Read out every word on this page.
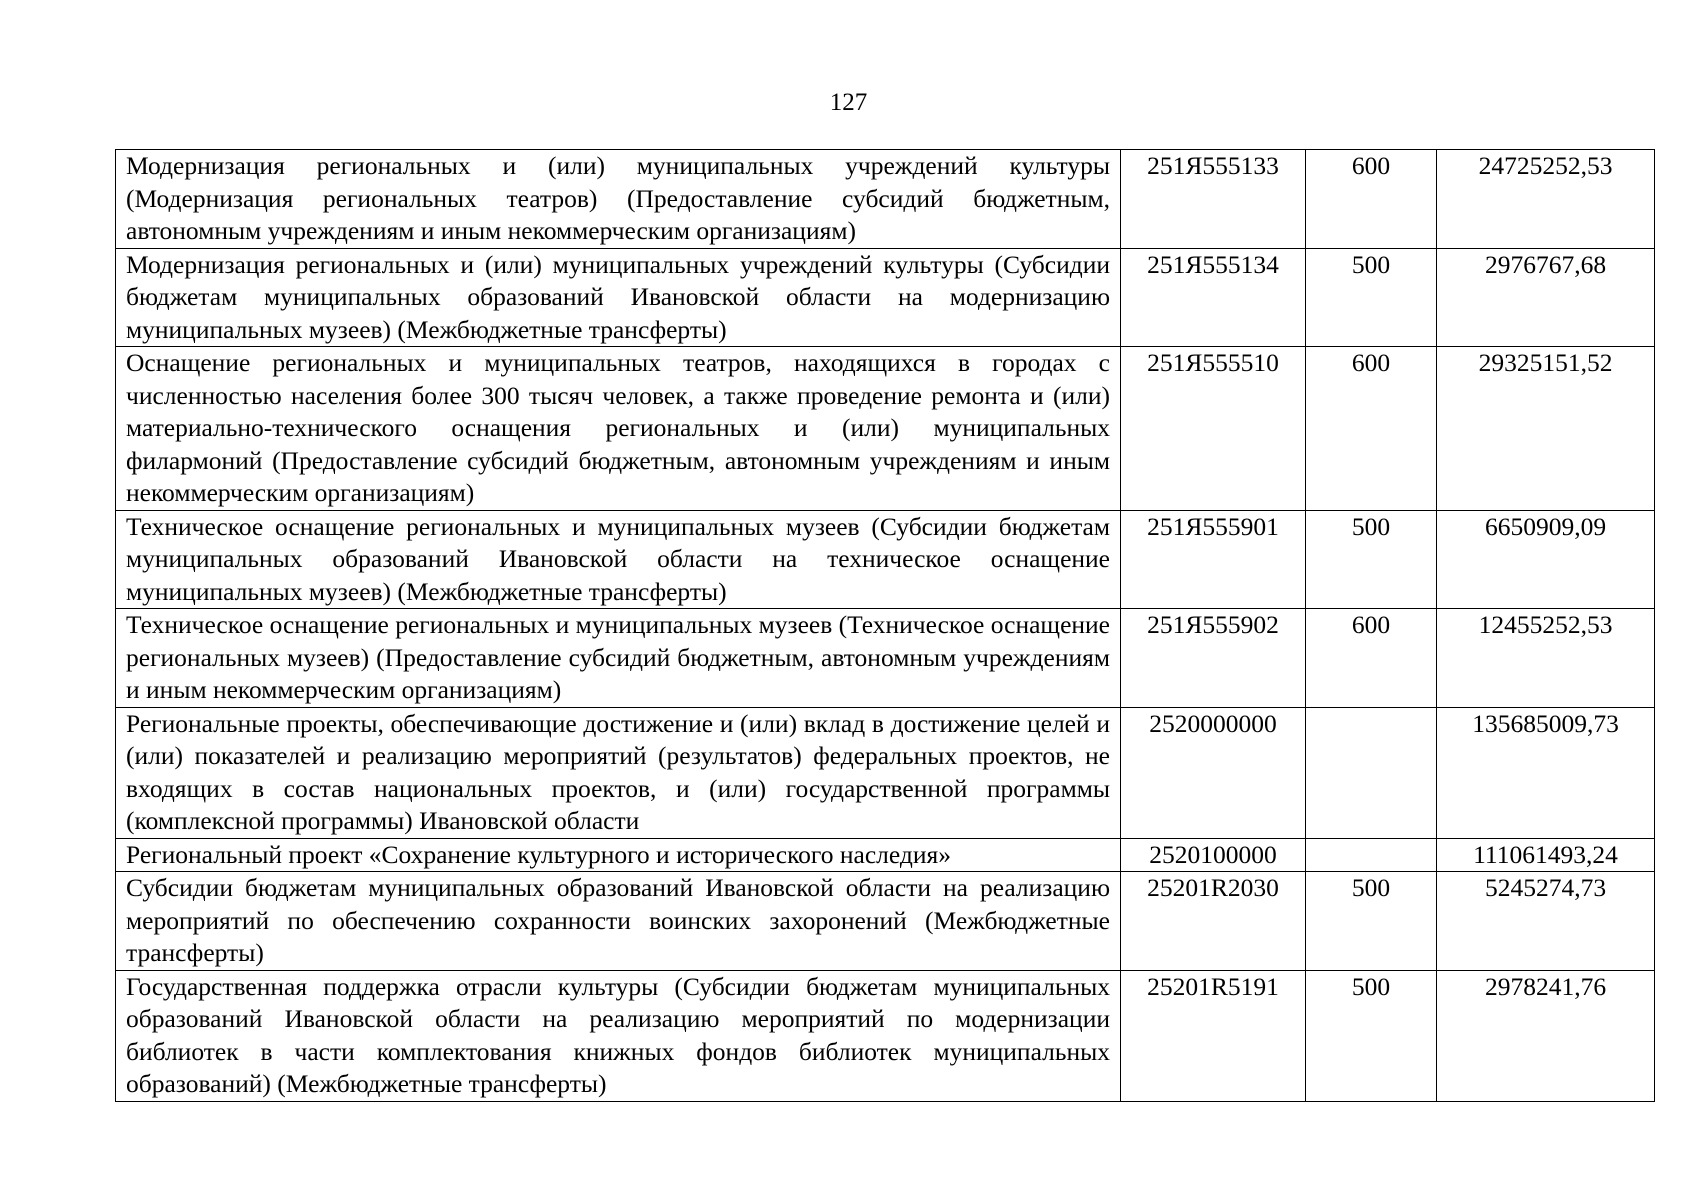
127
Модернизация региональных и (или) муниципальных учреждений культуры (Модернизация региональных театров) (Предоставление субсидий бюджетным, автономным учреждениям и иным некоммерческим организациям)	251Я555133	600	24725252,53
Модернизация региональных и (или) муниципальных учреждений культуры (Субсидии бюджетам муниципальных образований Ивановской области на модернизацию муниципальных музеев) (Межбюджетные трансферты)	251Я555134	500	2976767,68
Оснащение региональных и муниципальных театров, находящихся в городах с численностью населения более 300 тысяч человек, а также проведение ремонта и (или) материально-технического оснащения региональных и (или) муниципальных филармоний (Предоставление субсидий бюджетным, автономным учреждениям и иным некоммерческим организациям)	251Я555510	600	29325151,52
Техническое оснащение региональных и муниципальных музеев (Субсидии бюджетам муниципальных образований Ивановской области на техническое оснащение муниципальных музеев) (Межбюджетные трансферты)	251Я555901	500	6650909,09
Техническое оснащение региональных и муниципальных музеев (Техническое оснащение региональных музеев) (Предоставление субсидий бюджетным, автономным учреждениям и иным некоммерческим организациям)	251Я555902	600	12455252,53
Региональные проекты, обеспечивающие достижение и (или) вклад в достижение целей и (или) показателей и реализацию мероприятий (результатов) федеральных проектов, не входящих в состав национальных проектов, и (или) государственной программы (комплексной программы) Ивановской области	2520000000		135685009,73
Региональный проект «Сохранение культурного и исторического наследия»	2520100000		111061493,24
Субсидии бюджетам муниципальных образований Ивановской области на реализацию мероприятий по обеспечению сохранности воинских захоронений (Межбюджетные трансферты)	25201R2030	500	5245274,73
Государственная поддержка отрасли культуры (Субсидии бюджетам муниципальных образований Ивановской области на реализацию мероприятий по модернизации библиотек в части комплектования книжных фондов библиотек муниципальных образований) (Межбюджетные трансферты)	25201R5191	500	2978241,76
